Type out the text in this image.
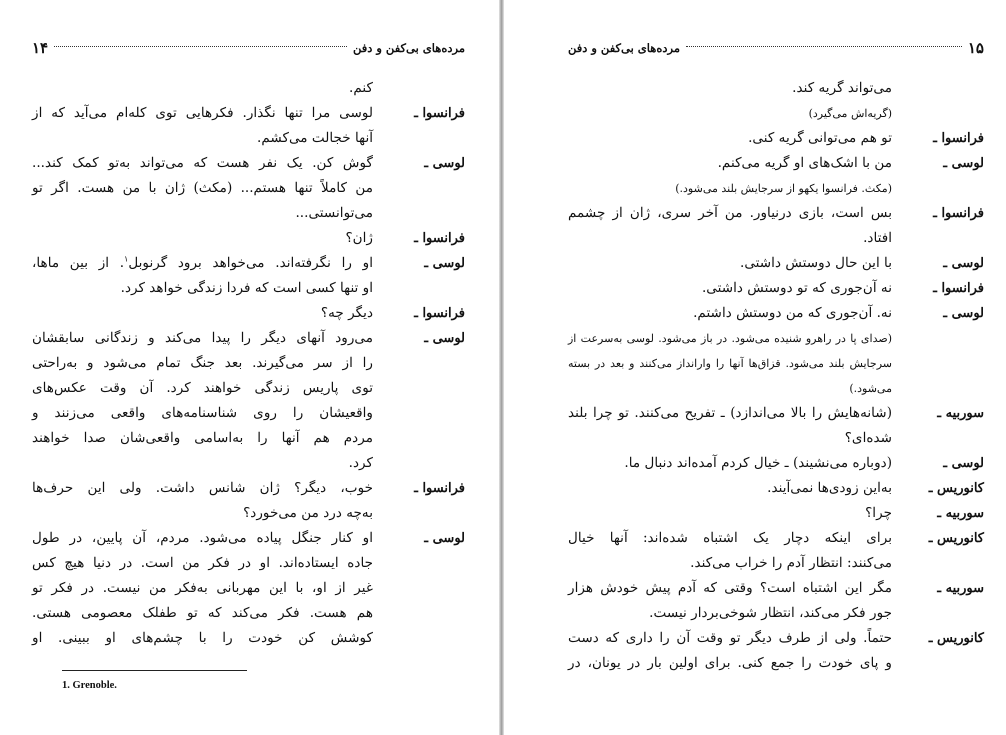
۱۴	مرده‌های بی‌کفن و دفن
کنم.
فرانسوا ـ
لوسی مرا تنها نگذار. فکرهایی توی کله‌ام می‌آید که از
آنها خجالت می‌کشم.
لوسی ـ
گوش کن. یک نفر هست که می‌تواند به‌تو کمک کند...
من کاملاً تنها هستم... (مکث) ژان با من هست. اگر تو
می‌توانستی...
فرانسوا ـ
ژان؟
لوسی ـ
او را نگرفته‌اند. می‌خواهد برود گرنوبل$^۱$. از بین ماها،
او تنها کسی است که فردا زندگی خواهد کرد.
فرانسوا ـ
دیگر چه؟
لوسی ـ
می‌رود آنهای دیگر را پیدا می‌کند و زندگانی سابقشان
را از سر می‌گیرند. بعد جنگ تمام می‌شود و به‌راحتی
توی پاریس زندگی خواهند کرد. آن وقت عکس‌های
واقعیشان را روی شناسنامه‌های واقعی می‌زنند و
مردم هم آنها را به‌اسامی واقعی‌شان صدا خواهند
کرد.
فرانسوا ـ
خوب، دیگر؟ ژان شانس داشت. ولی این حرف‌ها
به‌چه درد من می‌خورد؟
لوسی ـ
او کنار جنگل پیاده می‌شود. مردم، آن پایین، در طول
جاده ایستاده‌اند. او در فکر من است. در دنیا هیچ کس
غیر از او، با این مهربانی به‌فکر من نیست. در فکر تو
هم هست. فکر می‌کند که تو طفلک معصومی هستی.
کوشش کن خودت را با چشم‌های او ببینی. او
1. Grenoble.
مرده‌های بی‌کفن و دفن	۱۵
می‌تواند گریه کند.
(گریه‌اش می‌گیرد)
فرانسوا ـ
تو هم می‌توانی گریه کنی.
لوسی ـ
من با اشک‌های او گریه می‌کنم.
(مکث. فرانسوا یکهو از سرجایش بلند می‌شود.)
فرانسوا ـ
بس است، بازی درنیاور. من آخر سری، ژان از چشمم
افتاد.
لوسی ـ
با این حال دوستش داشتی.
فرانسوا ـ
نه آن‌جوری که تو دوستش داشتی.
لوسی ـ
نه. آن‌جوری که من دوستش داشتم.
(صدای پا در راهرو شنیده می‌شود. در باز می‌شود. لوسی به‌سرعت از
سرجایش بلند می‌شود. قزاق‌ها آنها را وارانداز می‌کنند و بعد در بسته
می‌شود.)
سوربیه ـ
(شانه‌هایش را بالا می‌اندازد) ـ تفریح می‌کنند. تو چرا بلند
شده‌ای؟
لوسی ـ
(دوباره می‌نشیند) ـ خیال کردم آمده‌اند دنبال ما.
کانوریس ـ
به‌این زودی‌ها نمی‌آیند.
سوربیه ـ
چرا؟
کانوریس ـ
برای اینکه دچار یک اشتباه شده‌اند: آنها خیال
می‌کنند: انتظار آدم را خراب می‌کند.
سوربیه ـ
مگر این اشتباه است؟ وقتی که آدم پیش خودش هزار
جور فکر می‌کند، انتظار شوخی‌بردار نیست.
کانوریس ـ
حتماً. ولی از طرف دیگر تو وقت آن را داری که دست
و پای خودت را جمع کنی. برای اولین بار در یونان، در
